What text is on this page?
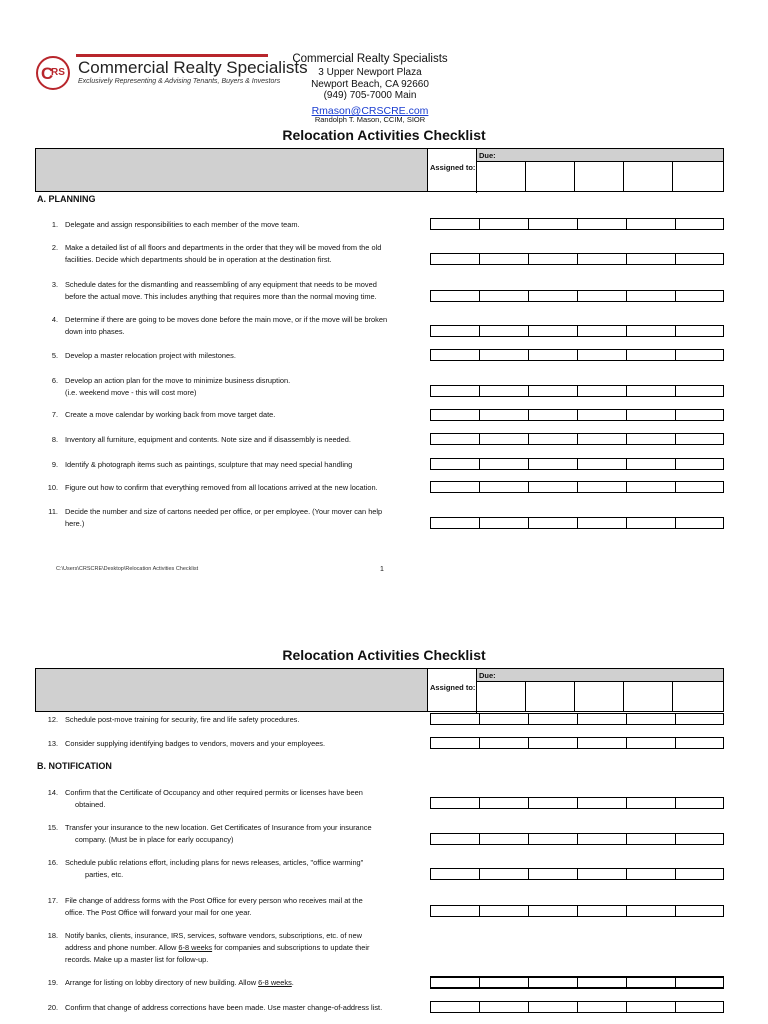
C
RS Commercial Realty Specialists
Exclusively Representing & Advising Tenants, Buyers & Investors
Commercial Realty Specialists
3 Upper Newport Plaza
Newport Beach, CA 92660
(949) 705-7000 Main
Rmason@CRSCRE.com
Randolph T. Mason, CCIM, SIOR
Relocation Activities Checklist
Assigned to:
Due:
A. PLANNING
C:\Users\CRSCRE\Desktop\Relocation Activities Checklist	1
Relocation Activities Checklist
Assigned to:
Due:
B. NOTIFICATION
1. Delegate and assign responsibilities to each member of the move team.
2. Make a detailed list of all floors and departments in the order that they will be moved from the old
facilities. Decide which departments should be in operation at the destination first.
3. Schedule dates for the dismantling and reassembling of any equipment that needs to be moved
before the actual move. This includes anything that requires more than the normal moving time.
4. Determine if there are going to be moves done before the main move, or if the move will be broken
down into phases.
5. Develop a master relocation project with milestones.
6. Develop an action plan for the move to minimize business disruption.
(i.e. weekend move - this will cost more)
7. Create a move calendar by working back from move target date.
8. Inventory all furniture, equipment and contents. Note size and if disassembly is needed.
9. Identify & photograph items such as paintings, sculpture that may need special handling
10. Figure out how to confirm that everything removed from all locations arrived at the new location.
11. Decide the number and size of cartons needed per office, or per employee. (Your mover can help
here.)
12. Schedule post-move training for security, fire and life safety procedures.
13. Consider supplying identifying badges to vendors, movers and your employees.
14. Confirm that the Certificate of Occupancy and other required permits or licenses have been
obtained.
15. Transfer your insurance to the new location. Get Certificates of Insurance from your insurance
company. (Must be in place for early occupancy)
16. Schedule public relations effort, including plans for news releases, articles, "office warming"
parties, etc.
17. File change of address forms with the Post Office for every person who receives mail at the
office. The Post Office will forward your mail for one year.
18. Notify banks, clients, insurance, IRS, services, software vendors, subscriptions, etc. of new
address and phone number. Allow 6-8 weeks for companies and subscriptions to update their
records. Make up a master list for follow-up.
19. Arrange for listing on lobby directory of new building. Allow 6-8 weeks.
20. Confirm that change of address corrections have been made. Use master change-of-address list.
